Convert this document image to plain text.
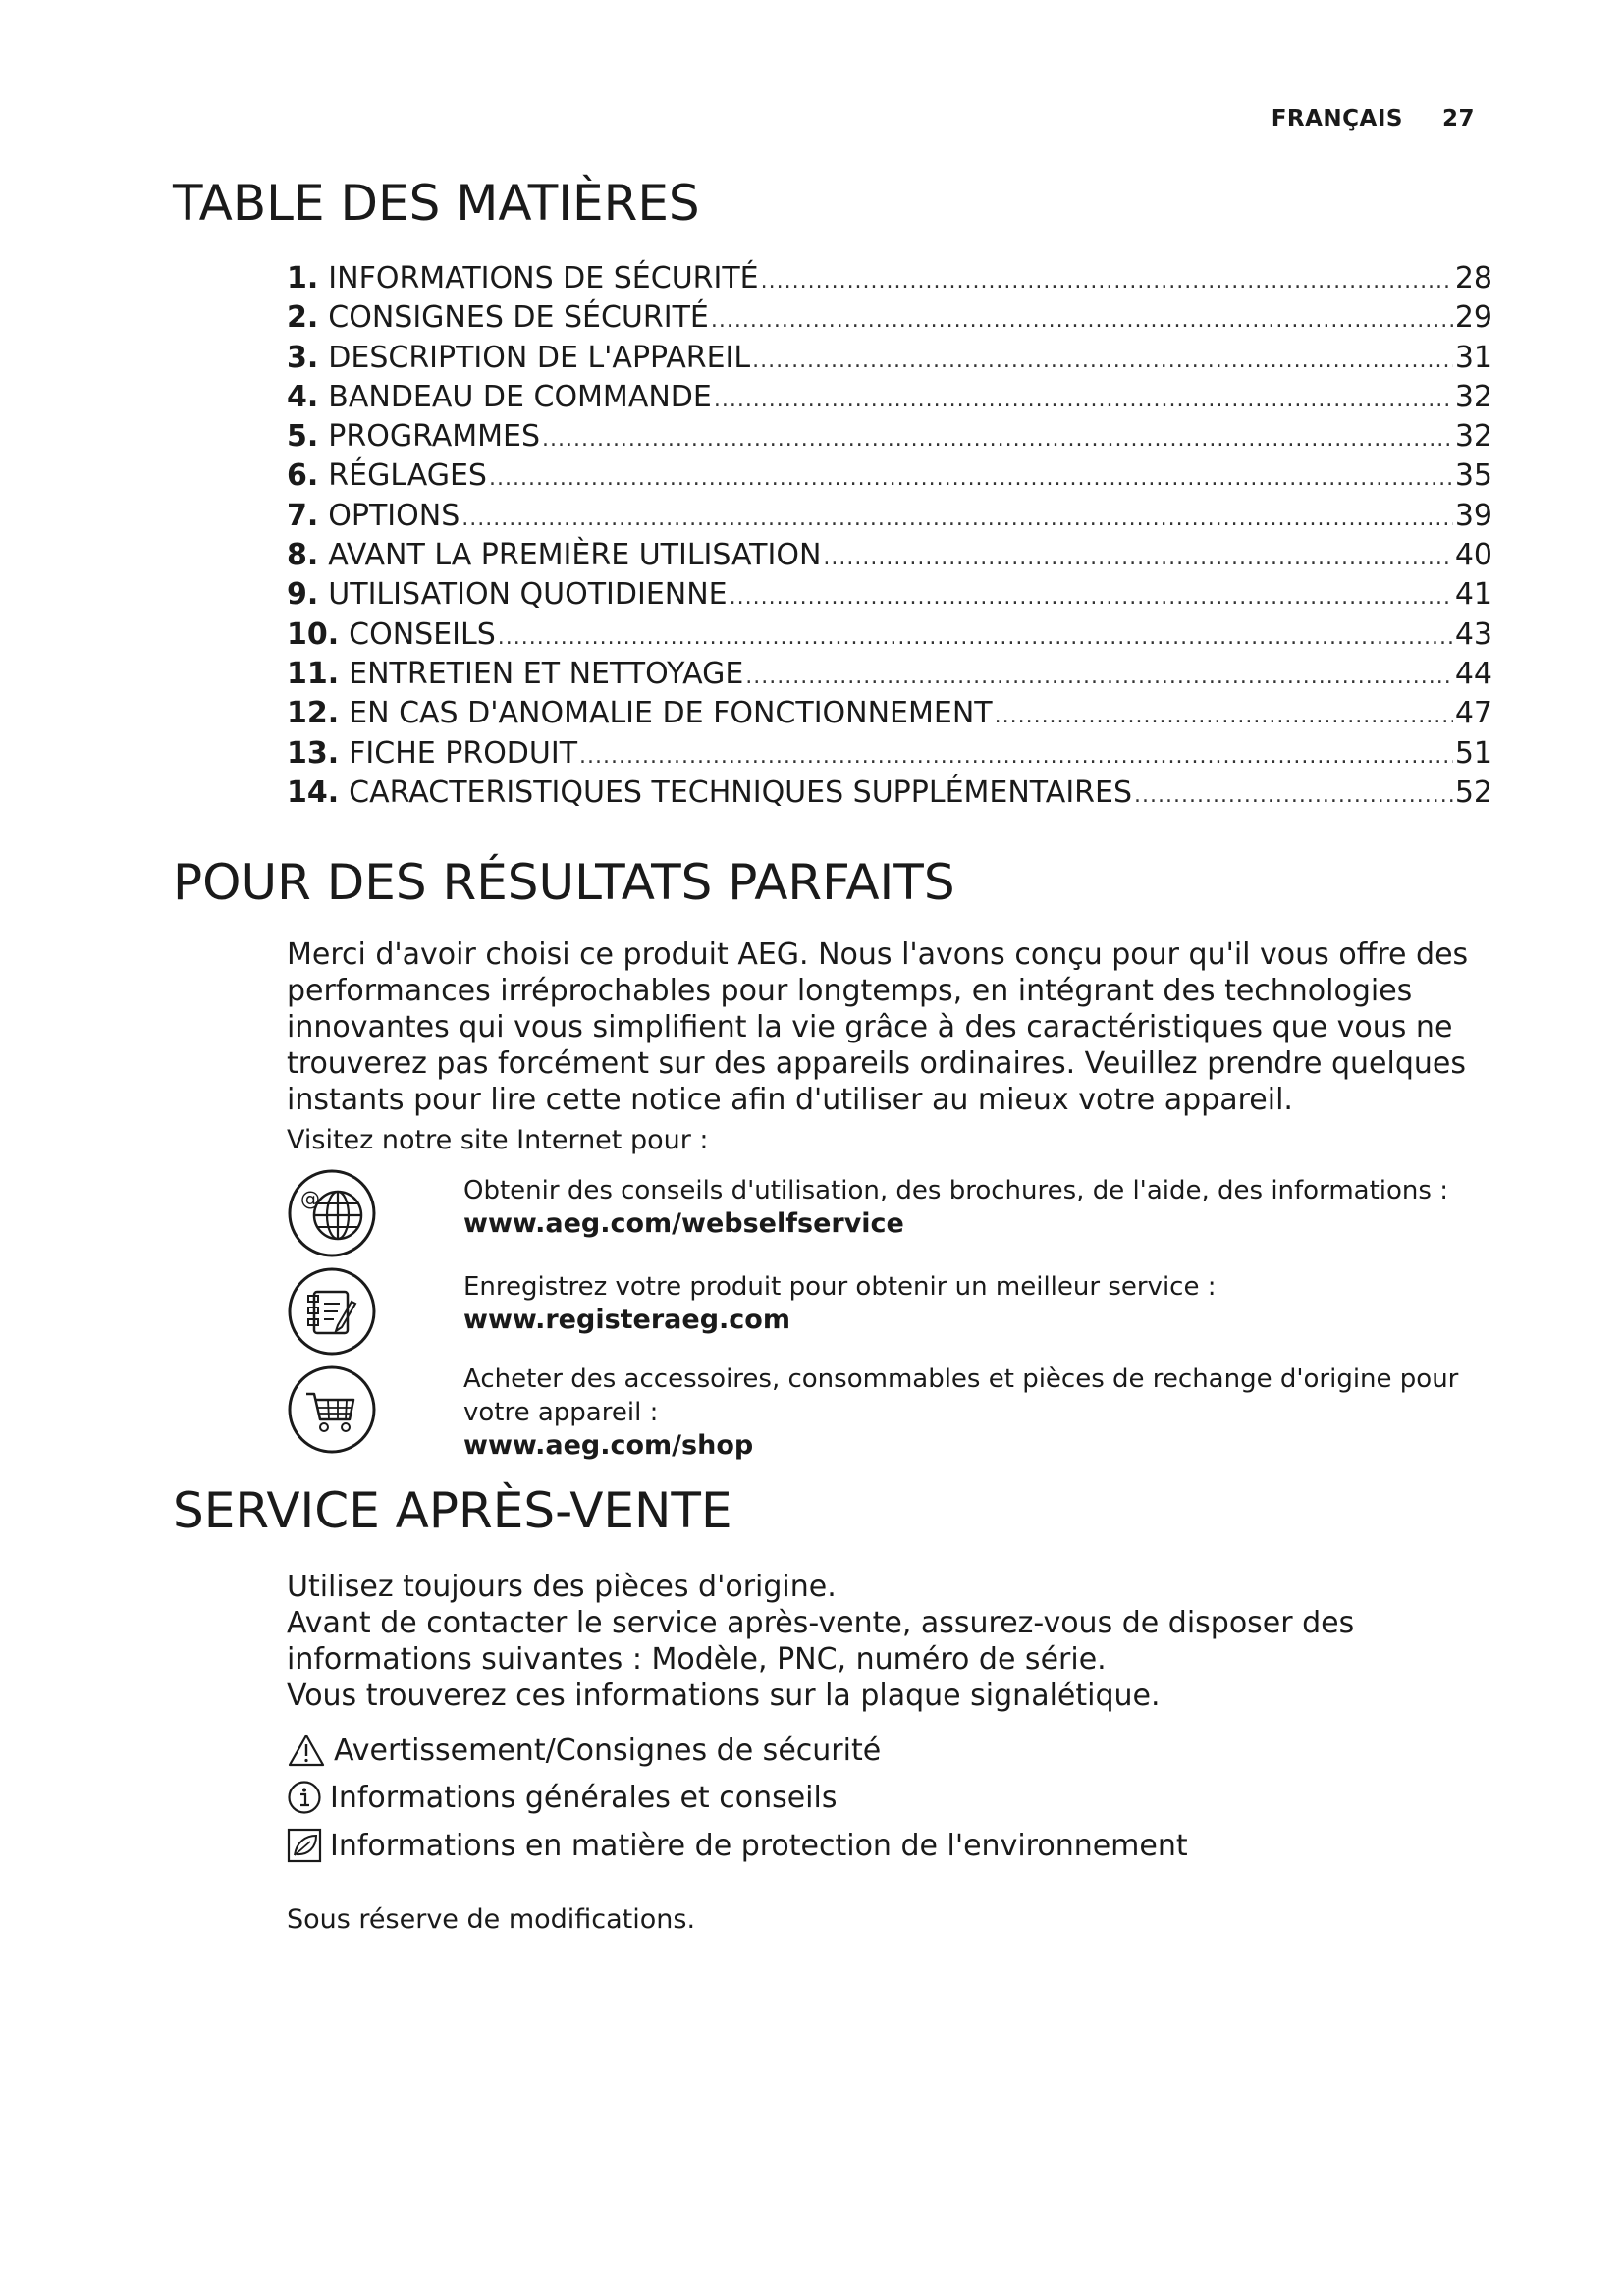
FRANÇAIS 27
TABLE DES MATIÈRES
1. INFORMATIONS DE SÉCURITÉ .....	28
2. CONSIGNES DE SÉCURITÉ .....	29
3. DESCRIPTION DE L'APPAREIL .....	31
4. BANDEAU DE COMMANDE .....	32
5. PROGRAMMES .....	32
6. RÉGLAGES .....	35
7. OPTIONS .....	39
8. AVANT LA PREMIÈRE UTILISATION .....	40
9. UTILISATION QUOTIDIENNE .....	41
10. CONSEILS .....	43
11. ENTRETIEN ET NETTOYAGE .....	44
12. EN CAS D'ANOMALIE DE FONCTIONNEMENT .....	47
13. FICHE PRODUIT .....	51
14. CARACTERISTIQUES TECHNIQUES SUPPLÉMENTAIRES .....	52
POUR DES RÉSULTATS PARFAITS

Merci d'avoir choisi ce produit AEG. Nous l'avons conçu pour qu'il vous offre des

performances irréprochables pour longtemps, en intégrant des technologies

innovantes qui vous simplifient la vie grâce à des caractéristiques que vous ne

trouverez pas forcément sur des appareils ordinaires. Veuillez prendre quelques

instants pour lire cette notice afin d'utiliser au mieux votre appareil.

Visitez notre site Internet pour :
@	Obtenir des conseils d'utilisation, des brochures, de l'aide, des informations :
www.aeg.com/webselfservice
Enregistrez votre produit pour obtenir un meilleur service :
www.registeraeg.com
Acheter des accessoires, consommables et pièces de rechange d'origine pour
votre appareil :
www.aeg.com/shop
SERVICE APRÈS-VENTE

Utilisez toujours des pièces d'origine.

Avant de contacter le service après-vente, assurez-vous de disposer des

informations suivantes : Modèle, PNC, numéro de série.

Vous trouverez ces informations sur la plaque signalétique.

Avertissement/Consignes de sécurité
Informations générales et conseils
Informations en matière de protection de l'environnement
Sous réserve de modifications.
